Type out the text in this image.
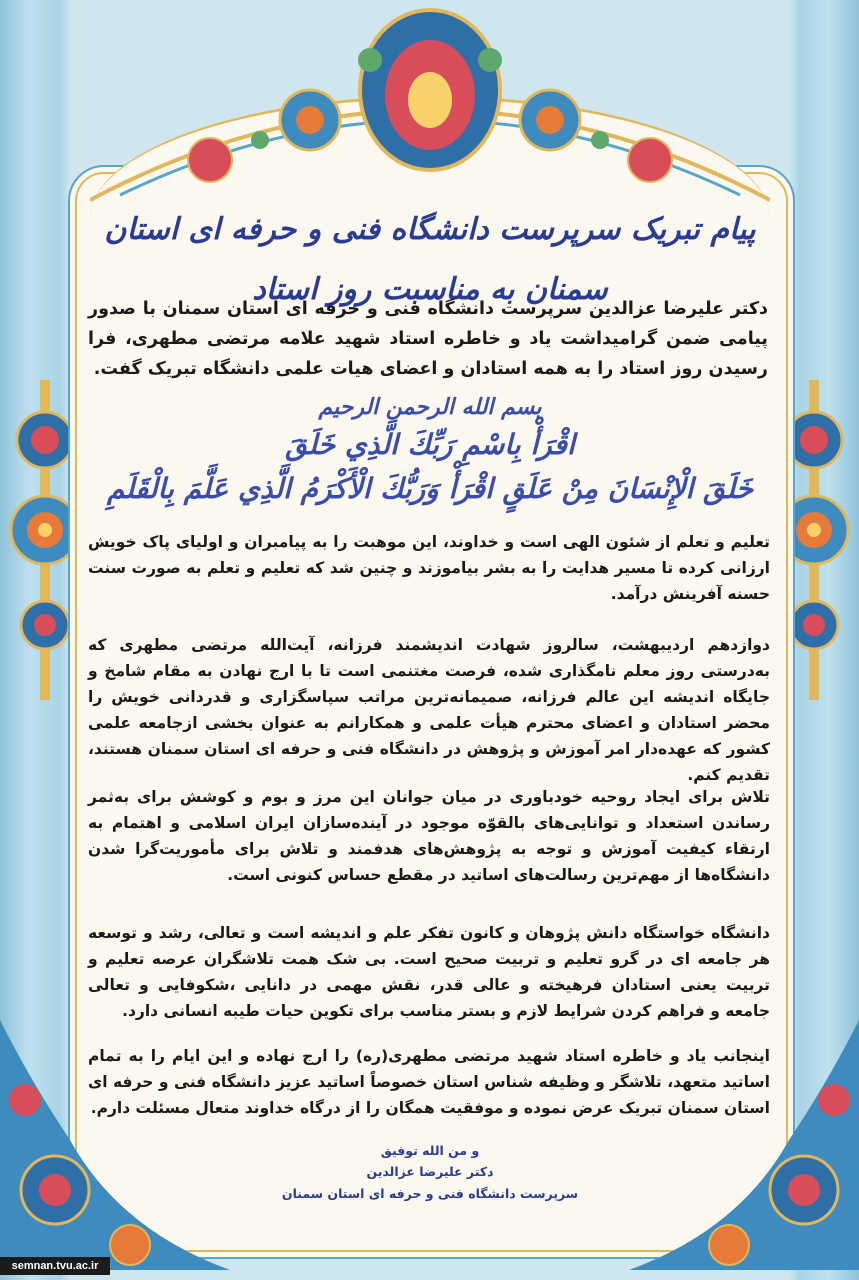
پیام تبریک سرپرست دانشگاه فنی و حرفه ای استان سمنان به مناسبت روز استاد
دکتر علیرضا عزالدین سرپرست دانشگاه فنی و حرفه ای استان سمنان با صدور پیامی ضمن گرامیداشت یاد و خاطره استاد شهید علامه مرتضی مطهری، فرا رسیدن روز استاد را به همه استادان و اعضای هیات علمی دانشگاه تبریک گفت.
بسم الله الرحمن الرحیم
اقْرَأْ بِاسْمِ رَبِّكَ الَّذِي خَلَقَ
خَلَقَ الْإِنْسَانَ مِنْ عَلَقٍ اقْرَأْ وَرَبُّكَ الْأَكْرَمُ الَّذِي عَلَّمَ بِالْقَلَمِ
تعلیم و تعلم از شئون الهی است و خداوند، این موهبت را به پیامبران و اولیای پاک خویش ارزانی کرده تا مسیر هدایت را به بشر بیاموزند و چنین شد که تعلیم و تعلم به صورت سنت حسنه آفرینش درآمد.
دوازدهم اردیبهشت، سالروز شهادت اندیشمند فرزانه، آیت‌الله مرتضی مطهری که به‌درستی روز معلم نامگذاری شده، فرصت مغتنمی است تا با ارج نهادن به مقام شامخ و جایگاه اندیشه این عالم فرزانه، صمیمانه‌ترین مراتب سپاسگزاری و قدردانی خویش را محضر استادان و اعضای محترم هیأت علمی و همکارانم به عنوان بخشی ازجامعه علمی کشور که عهده‌دار امر آموزش و پژوهش در دانشگاه فنی و حرفه ای استان سمنان هستند، تقدیم کنم.
تلاش برای ایجاد روحیه خودباوری در میان جوانان این مرز و بوم و کوشش برای به‌ثمر رساندن استعداد و توانایی‌های بالقوّه موجود در آینده‌سازان ایران اسلامی و اهتمام به ارتقاء کیفیت آموزش و توجه به پژوهش‌های هدفمند و تلاش برای مأموریت‌گرا شدن دانشگاه‌ها از مهم‌ترین رسالت‌های اساتید در مقطع حساس کنونی است.
دانشگاه خواستگاه دانش پژوهان و کانون تفکر علم و اندیشه است و تعالی، رشد و توسعه هر جامعه ای در گرو تعلیم و تربیت صحیح است. بی شک همت تلاشگران عرصه تعلیم و تربیت یعنی استادان فرهیخته و عالی قدر، نقش مهمی در دانایی ،شکوفایی و تعالی جامعه و فراهم کردن شرایط لازم و بستر مناسب برای تکوین حیات طیبه انسانی دارد.
اینجانب یاد و خاطره استاد شهید مرتضی مطهری(ره) را ارج نهاده و این ایام را به تمام اساتید متعهد، تلاشگر و وظیفه شناس استان خصوصاً اساتید عزیز دانشگاه فنی و حرفه ای استان سمنان تبریک عرض نموده و موفقیت همگان را از درگاه خداوند متعال مسئلت دارم.
و من الله توفیق
دکتر علیرضا عزالدین
سرپرست دانشگاه فنی و حرفه ای استان سمنان
semnan.tvu.ac.ir
